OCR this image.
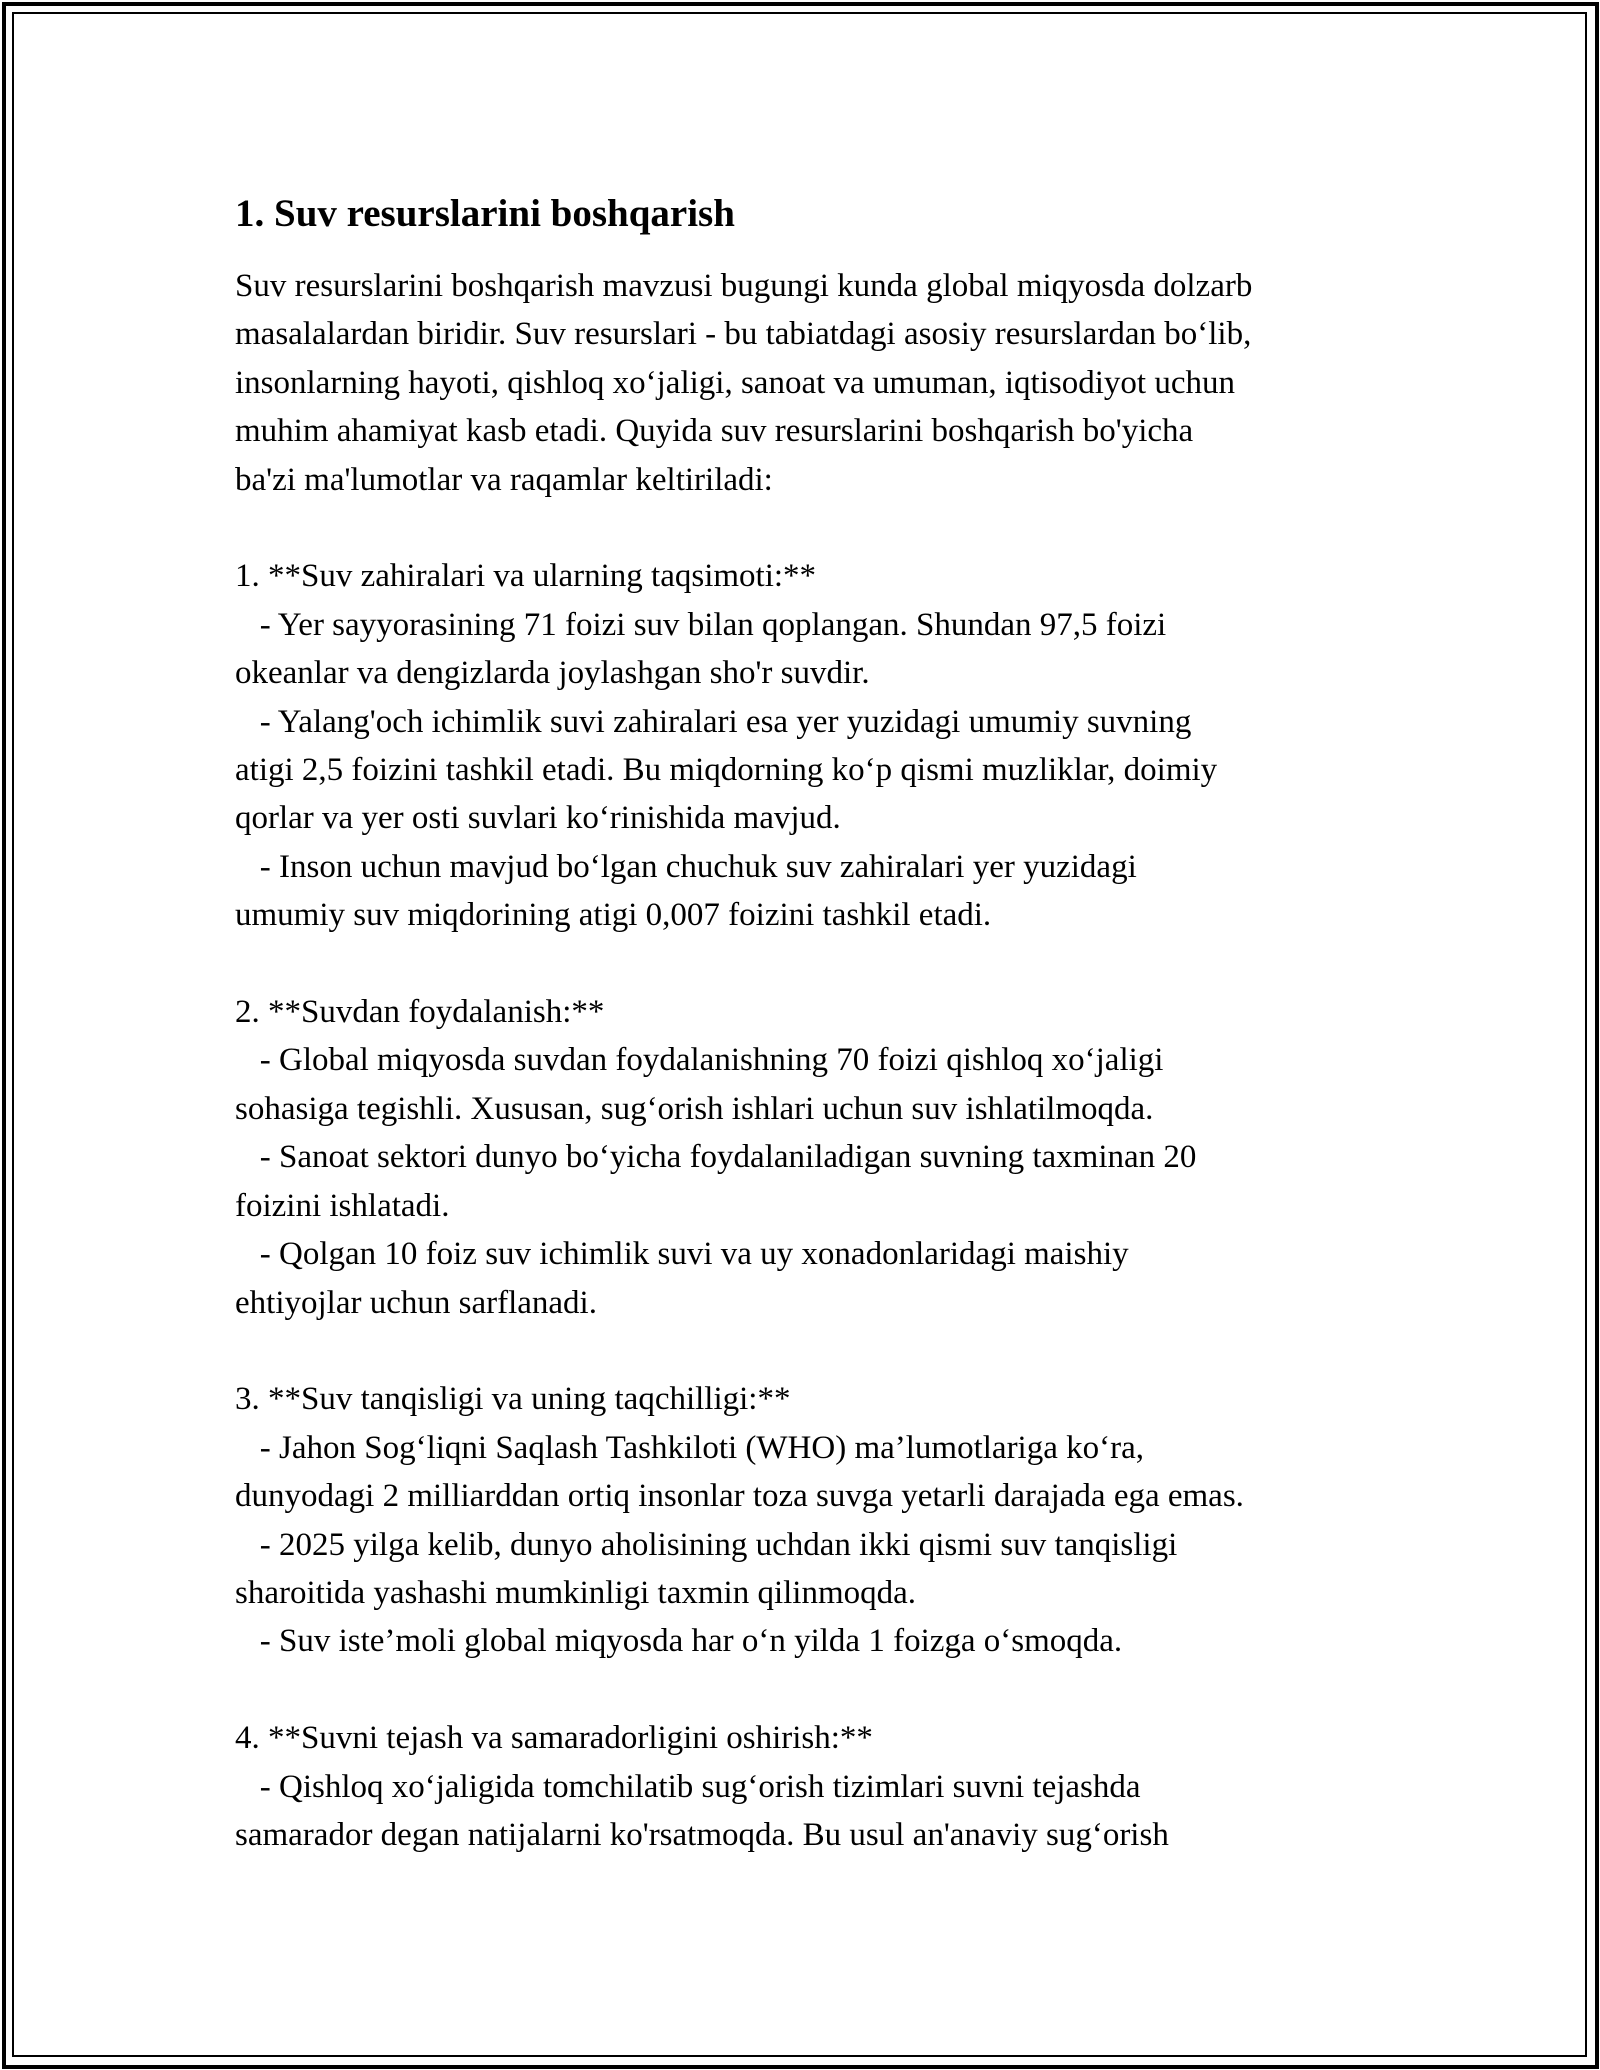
1. Suv resurslarini boshqarish
Suv resurslarini boshqarish mavzusi bugungi kunda global miqyosda dolzarb
masalalardan biridir. Suv resurslari - bu tabiatdagi asosiy resurslardan bo‘lib,
insonlarning hayoti, qishloq xo‘jaligi, sanoat va umuman, iqtisodiyot uchun
muhim ahamiyat kasb etadi. Quyida suv resurslarini boshqarish bo'yicha
ba'zi ma'lumotlar va raqamlar keltiriladi:
1. **Suv zahiralari va ularning taqsimoti:**
- Yer sayyorasining 71 foizi suv bilan qoplangan. Shundan 97,5 foizi
okeanlar va dengizlarda joylashgan sho'r suvdir.
- Yalang'och ichimlik suvi zahiralari esa yer yuzidagi umumiy suvning
atigi 2,5 foizini tashkil etadi. Bu miqdorning ko‘p qismi muzliklar, doimiy
qorlar va yer osti suvlari ko‘rinishida mavjud.
- Inson uchun mavjud bo‘lgan chuchuk suv zahiralari yer yuzidagi
umumiy suv miqdorining atigi 0,007 foizini tashkil etadi.
2. **Suvdan foydalanish:**
- Global miqyosda suvdan foydalanishning 70 foizi qishloq xo‘jaligi
sohasiga tegishli. Xususan, sug‘orish ishlari uchun suv ishlatilmoqda.
- Sanoat sektori dunyo bo‘yicha foydalaniladigan suvning taxminan 20
foizini ishlatadi.
- Qolgan 10 foiz suv ichimlik suvi va uy xonadonlaridagi maishiy
ehtiyojlar uchun sarflanadi.
3. **Suv tanqisligi va uning taqchilligi:**
- Jahon Sog‘liqni Saqlash Tashkiloti (WHO) ma’lumotlariga ko‘ra,
dunyodagi 2 milliarddan ortiq insonlar toza suvga yetarli darajada ega emas.
- 2025 yilga kelib, dunyo aholisining uchdan ikki qismi suv tanqisligi
sharoitida yashashi mumkinligi taxmin qilinmoqda.
- Suv iste’moli global miqyosda har o‘n yilda 1 foizga o‘smoqda.
4. **Suvni tejash va samaradorligini oshirish:**
- Qishloq xo‘jaligida tomchilatib sug‘orish tizimlari suvni tejashda
samarador degan natijalarni ko'rsatmoqda. Bu usul an'anaviy sug‘orish
